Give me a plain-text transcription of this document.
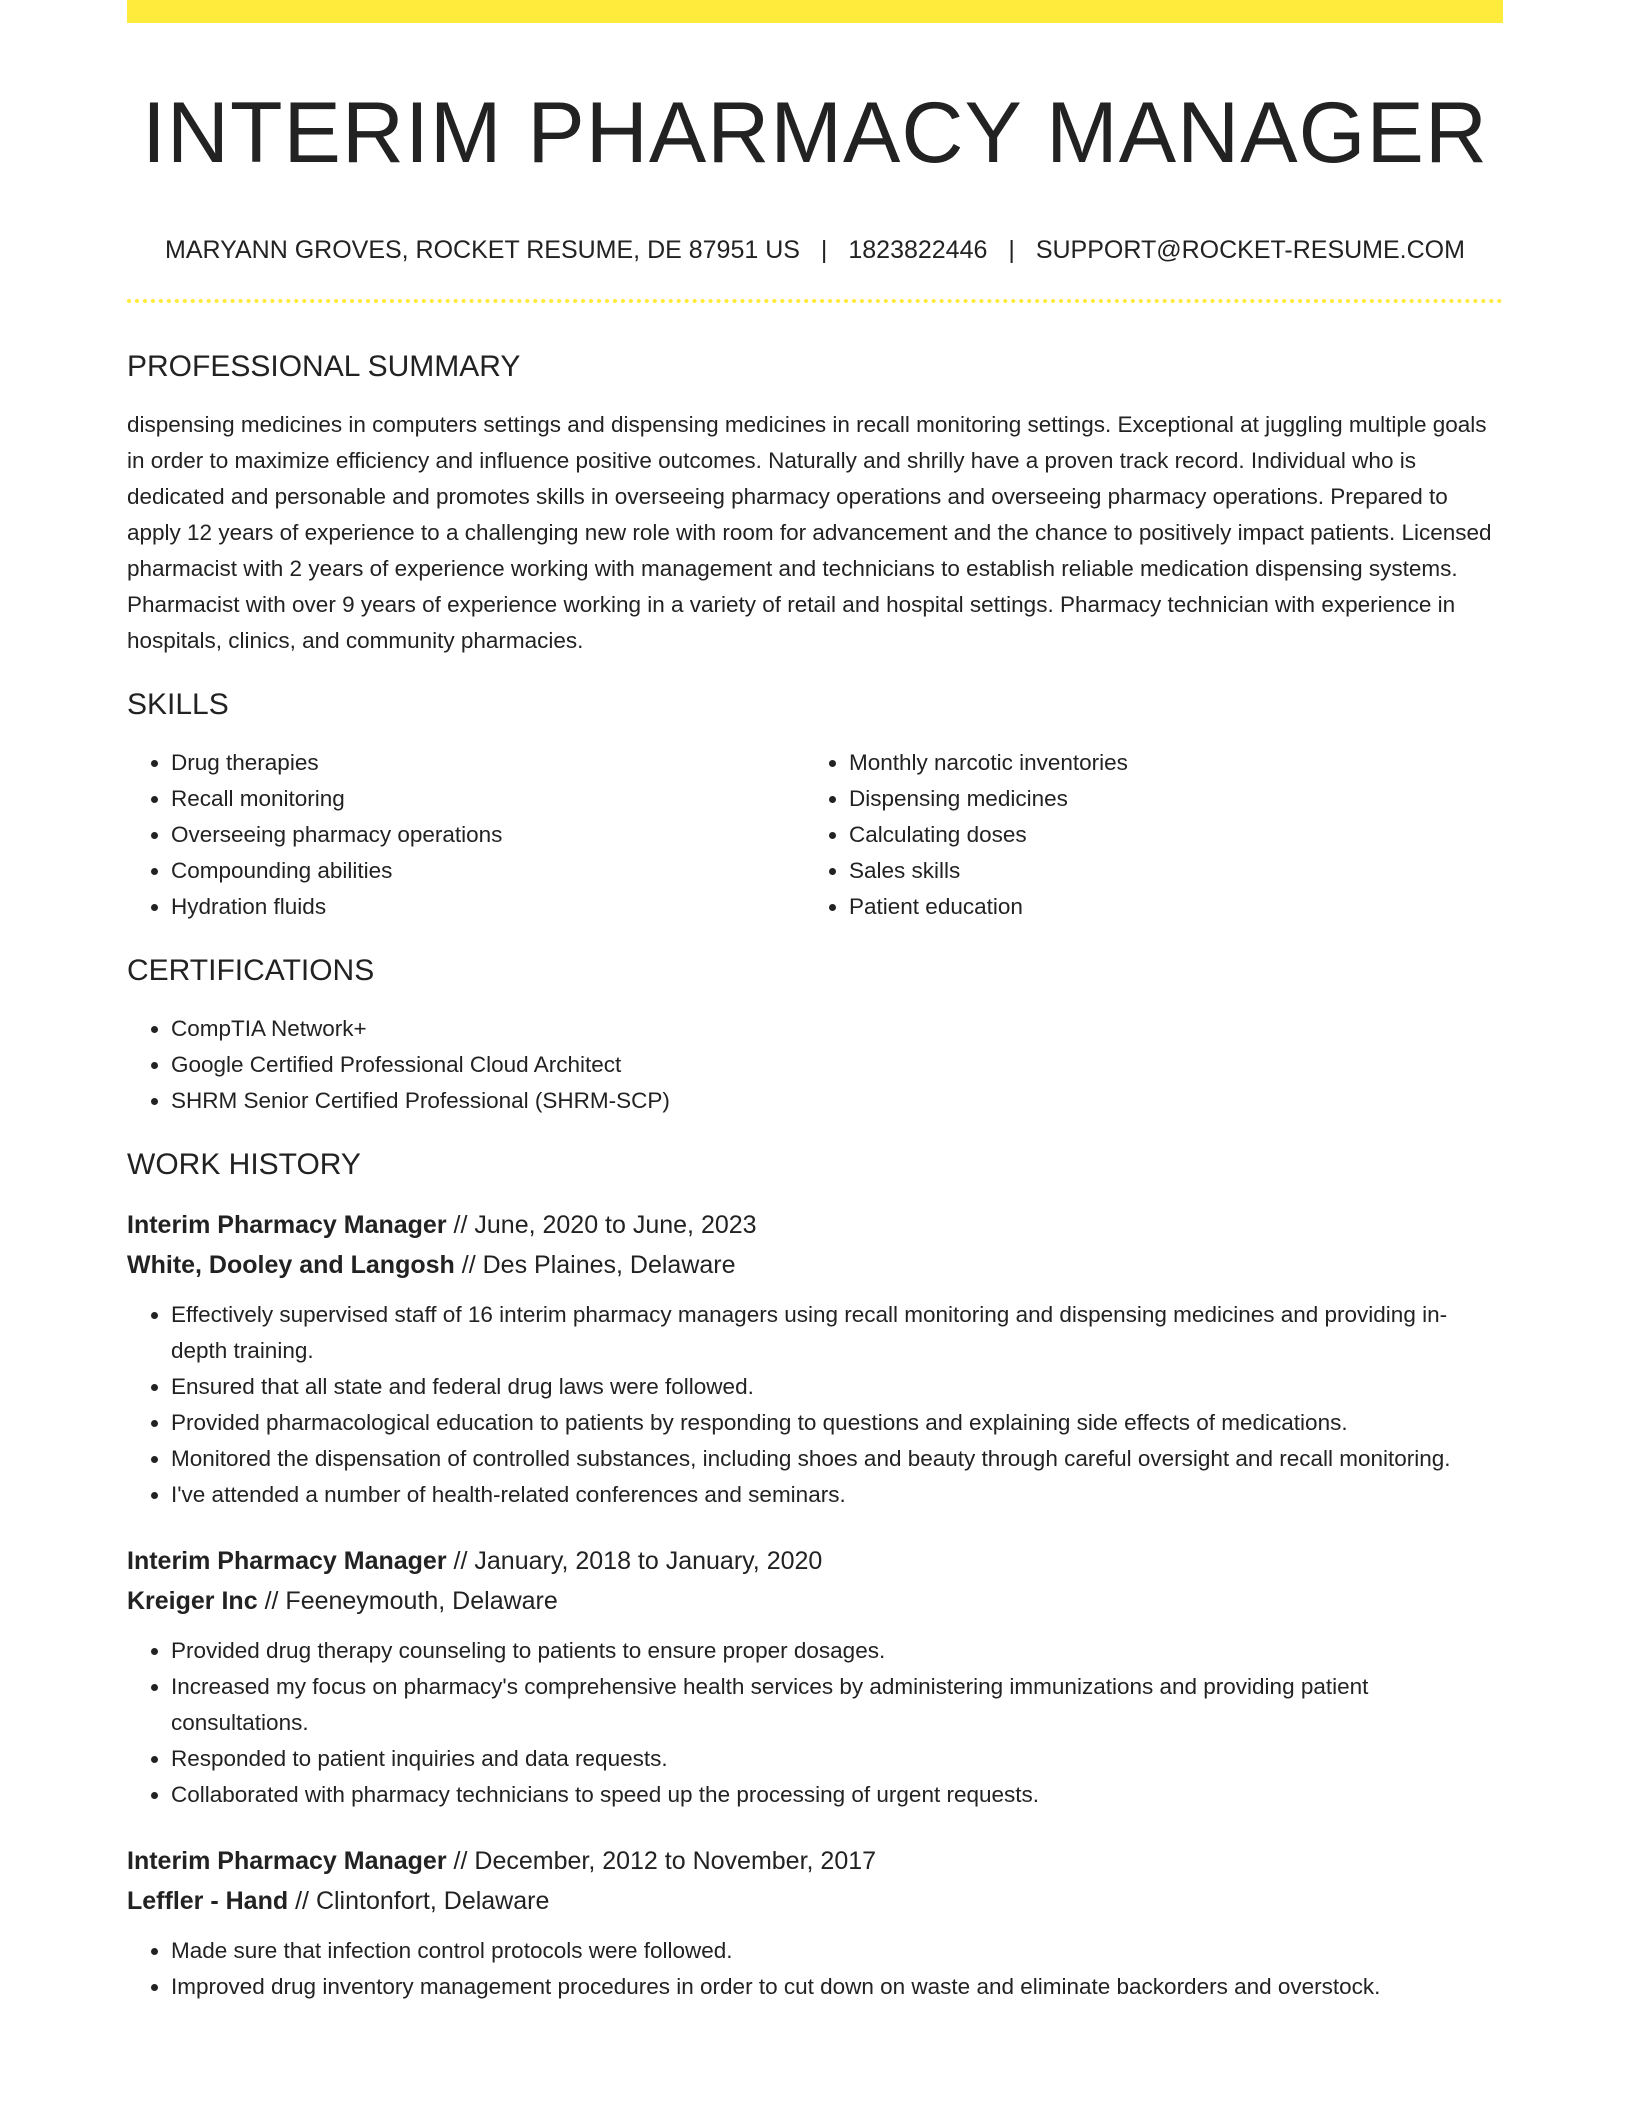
INTERIM PHARMACY MANAGER
MARYANN GROVES, ROCKET RESUME, DE 87951 US | 1823822446 | SUPPORT@ROCKET-RESUME.COM
PROFESSIONAL SUMMARY

dispensing medicines in computers settings and dispensing medicines in recall monitoring settings. Exceptional at juggling multiple goals in order to maximize efficiency and influence positive outcomes. Naturally and shrilly have a proven track record. Individual who is dedicated and personable and promotes skills in overseeing pharmacy operations and overseeing pharmacy operations. Prepared to apply 12 years of experience to a challenging new role with room for advancement and the chance to positively impact patients. Licensed pharmacist with 2 years of experience working with management and technicians to establish reliable medication dispensing systems. Pharmacist with over 9 years of experience working in a variety of retail and hospital settings. Pharmacy technician with experience in hospitals, clinics, and community pharmacies.

SKILLS
• Drug therapies
• Recall monitoring
• Overseeing pharmacy operations
• Compounding abilities
• Hydration fluids
• Monthly narcotic inventories
• Dispensing medicines
• Calculating doses
• Sales skills
• Patient education
CERTIFICATIONS
• CompTIA Network+
• Google Certified Professional Cloud Architect
• SHRM Senior Certified Professional (SHRM-SCP)
WORK HISTORY
Interim Pharmacy Manager // June, 2020 to June, 2023
White, Dooley and Langosh // Des Plaines, Delaware
• Effectively supervised staff of 16 interim pharmacy managers using recall monitoring and dispensing medicines and providing in-depth training.
• Ensured that all state and federal drug laws were followed.
• Provided pharmacological education to patients by responding to questions and explaining side effects of medications.
• Monitored the dispensation of controlled substances, including shoes and beauty through careful oversight and recall monitoring.
• I've attended a number of health-related conferences and seminars.
Interim Pharmacy Manager // January, 2018 to January, 2020
Kreiger Inc // Feeneymouth, Delaware
• Provided drug therapy counseling to patients to ensure proper dosages.
• Increased my focus on pharmacy's comprehensive health services by administering immunizations and providing patient consultations.
• Responded to patient inquiries and data requests.
• Collaborated with pharmacy technicians to speed up the processing of urgent requests.
Interim Pharmacy Manager // December, 2012 to November, 2017
Leffler - Hand // Clintonfort, Delaware
• Made sure that infection control protocols were followed.
• Improved drug inventory management procedures in order to cut down on waste and eliminate backorders and overstock.
